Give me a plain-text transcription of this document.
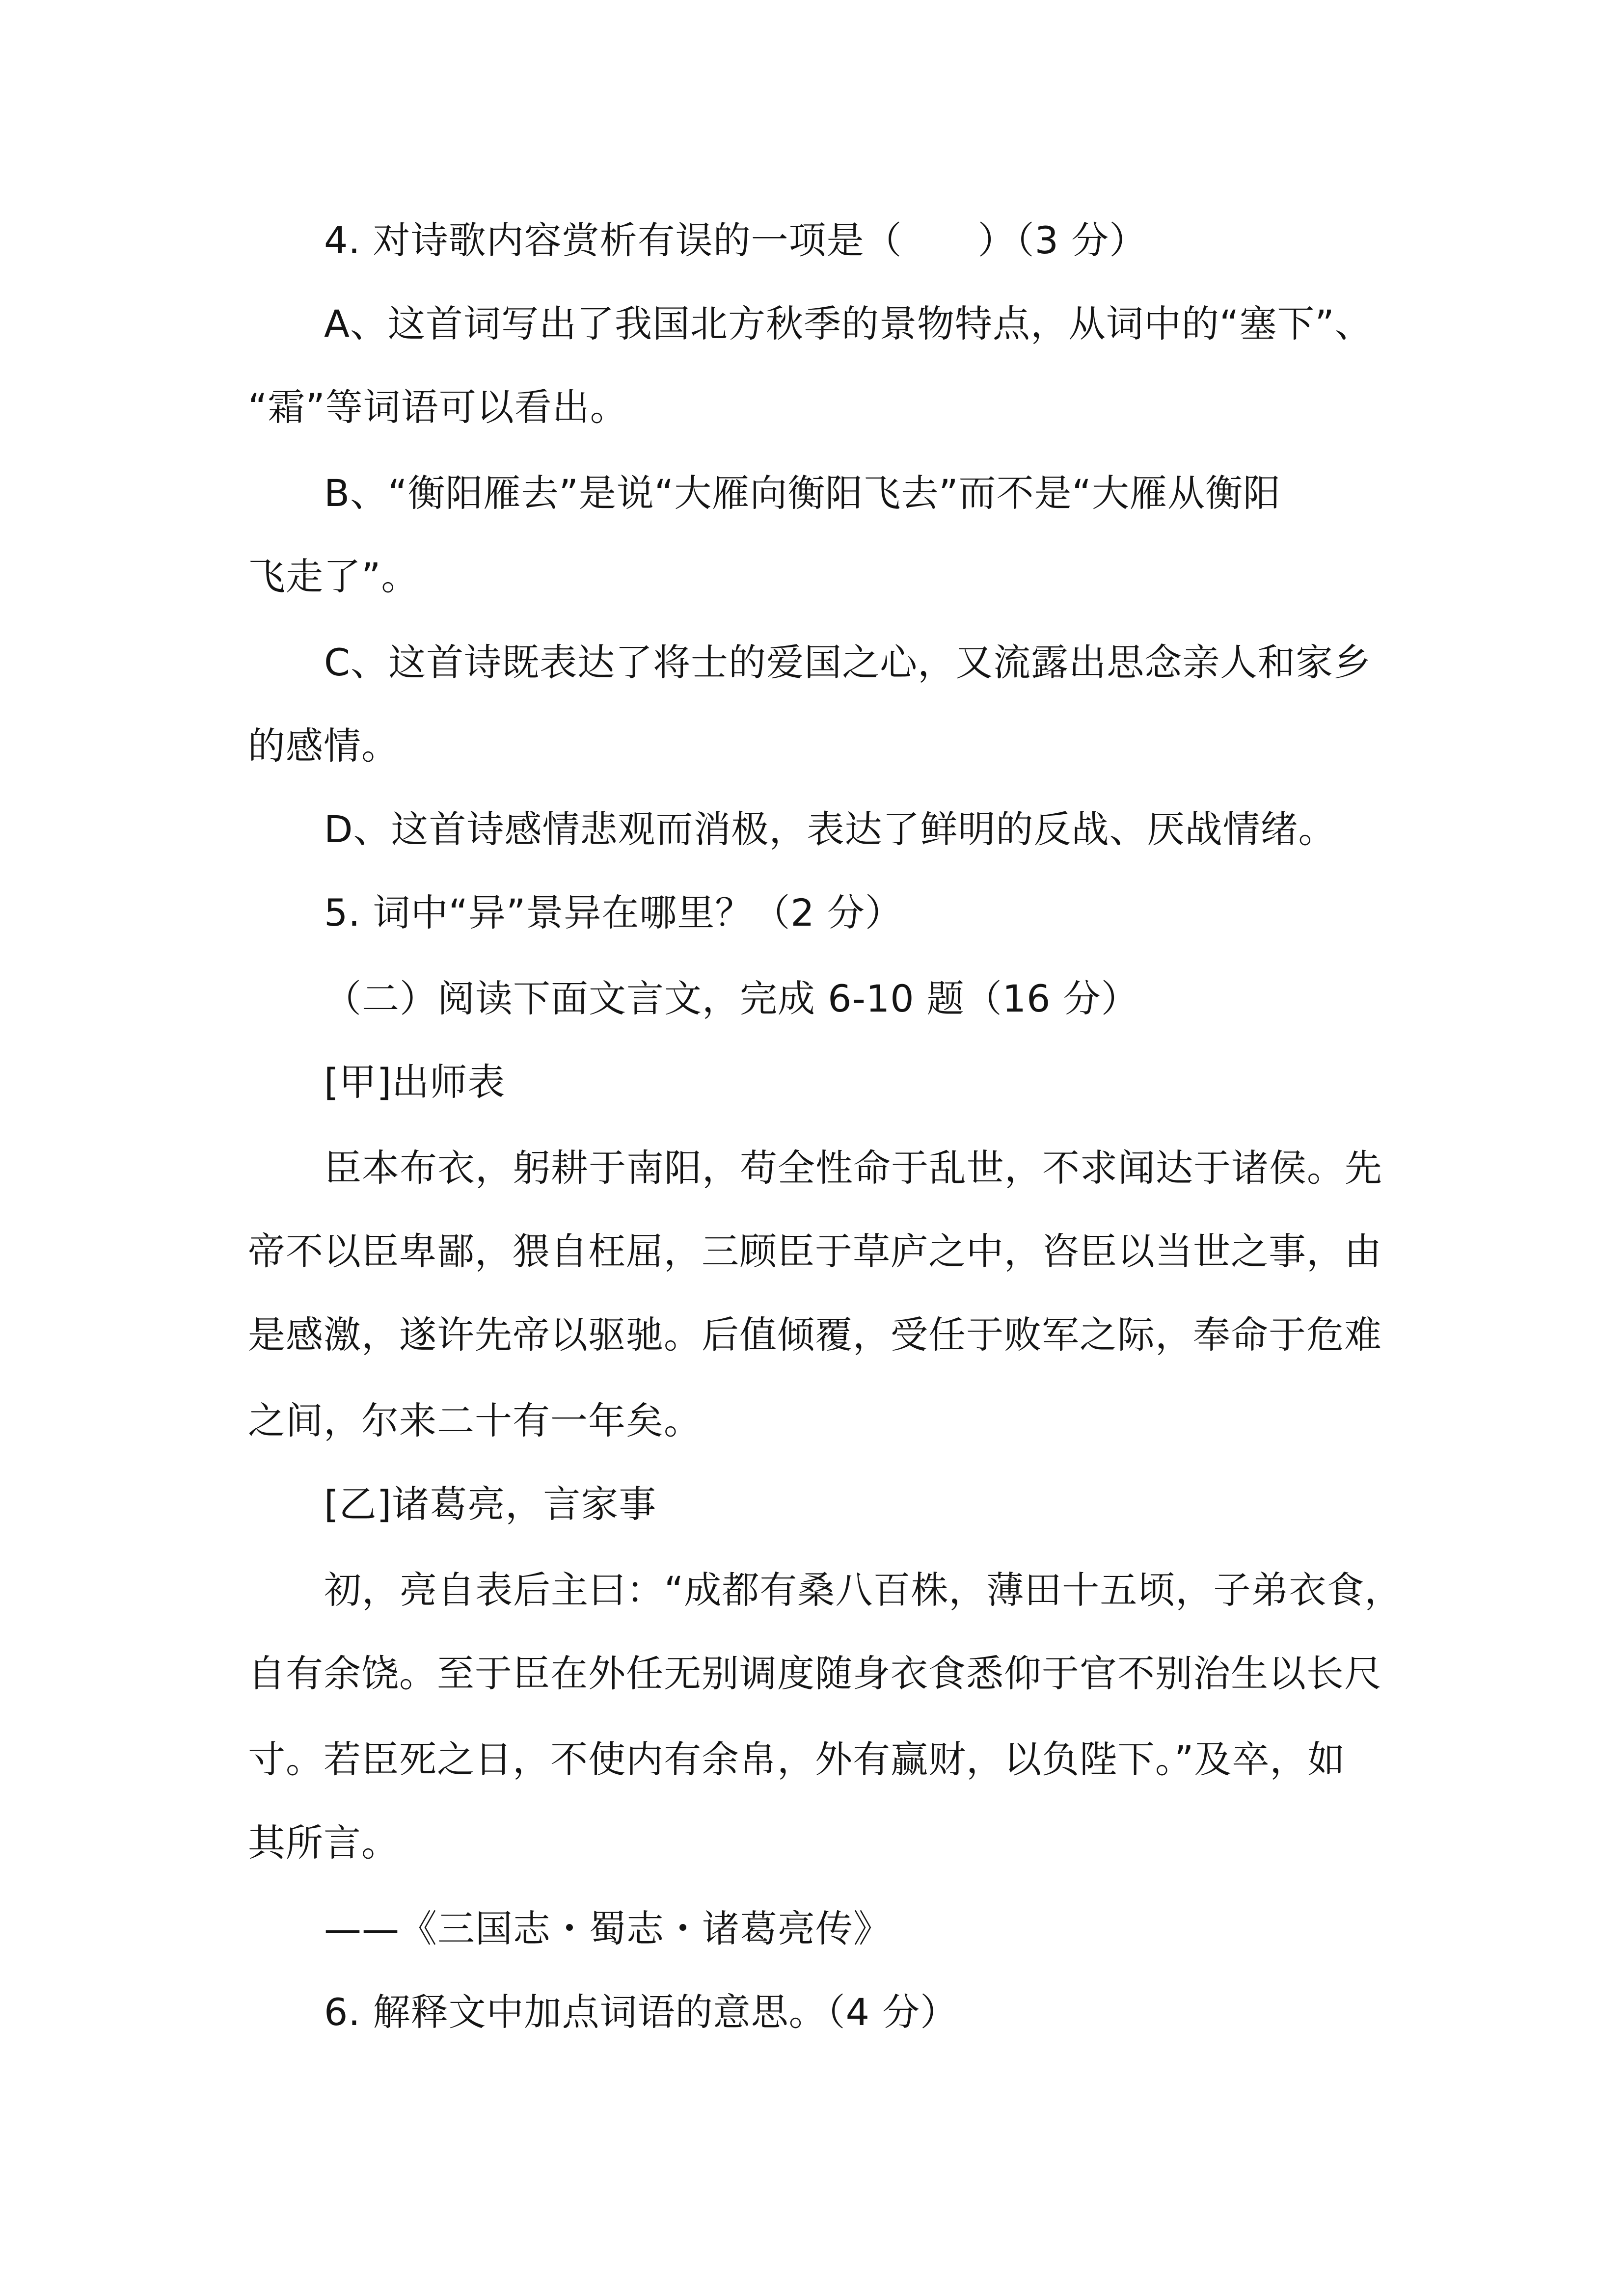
4. 对诗歌内容赏析有误的一项是（　　）（3 分）
A、这首词写出了我国北方秋季的景物特点，从词中的“塞下”、
“霜”等词语可以看出。
B、“衡阳雁去”是说“大雁向衡阳飞去”而不是“大雁从衡阳
飞走了”。
C、这首诗既表达了将士的爱国之心，又流露出思念亲人和家乡
的感情。
D、这首诗感情悲观而消极，表达了鲜明的反战、厌战情绪。
5. 词中“异”景异在哪里？（2 分）
（二）阅读下面文言文，完成 6-10 题（16 分）
[甲]出师表
臣本布衣，躬耕于南阳，苟全性命于乱世，不求闻达于诸侯。先
帝不以臣卑鄙，猥自枉屈，三顾臣于草庐之中，咨臣以当世之事，由
是感激，遂许先帝以驱驰。后值倾覆，受任于败军之际，奉命于危难
之间，尔来二十有一年矣。
[乙]诸葛亮，言家事
初，亮自表后主曰：“成都有桑八百株，薄田十五顷，子弟衣食，
自有余饶。至于臣在外任无别调度随身衣食悉仰于官不别治生以长尺
寸。若臣死之日，不使内有余帛，外有赢财，以负陛下。”及卒，如
其所言。
——《三国志・蜀志・诸葛亮传》
6. 解释文中加点词语的意思。（4 分）
